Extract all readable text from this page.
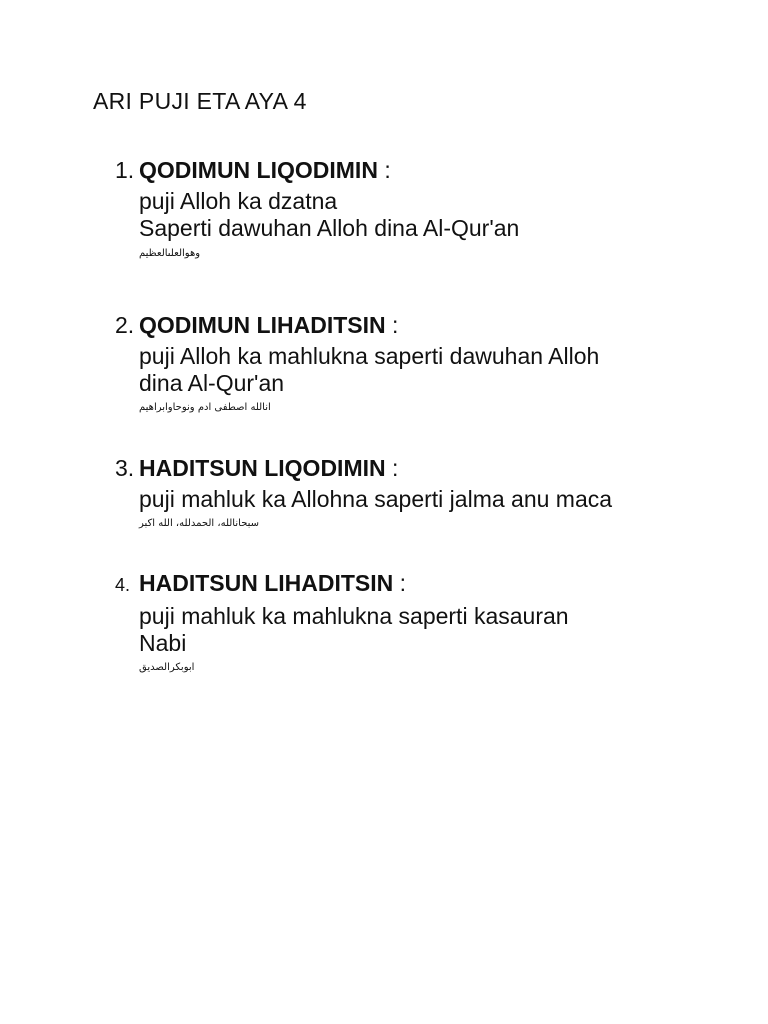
ARI PUJI ETA AYA 4
1. QODIMUN LIQODIMIN :
puji Alloh ka dzatna
Saperti dawuhan Alloh dina Al-Qur'an
وهوالعلىالعظيم
2. QODIMUN LIHADITSIN :
puji Alloh ka mahlukna saperti dawuhan Alloh
dina Al-Qur'an
انالله اصطفى ادم ونوحاوابراهيم
3. HADITSUN LIQODIMIN :
puji mahluk ka Allohna saperti jalma anu maca
سبحانالله، الحمدلله، الله اكبر
4. HADITSUN LIHADITSIN :
puji mahluk ka mahlukna saperti kasauran
Nabi
ابوبكرالصديق
